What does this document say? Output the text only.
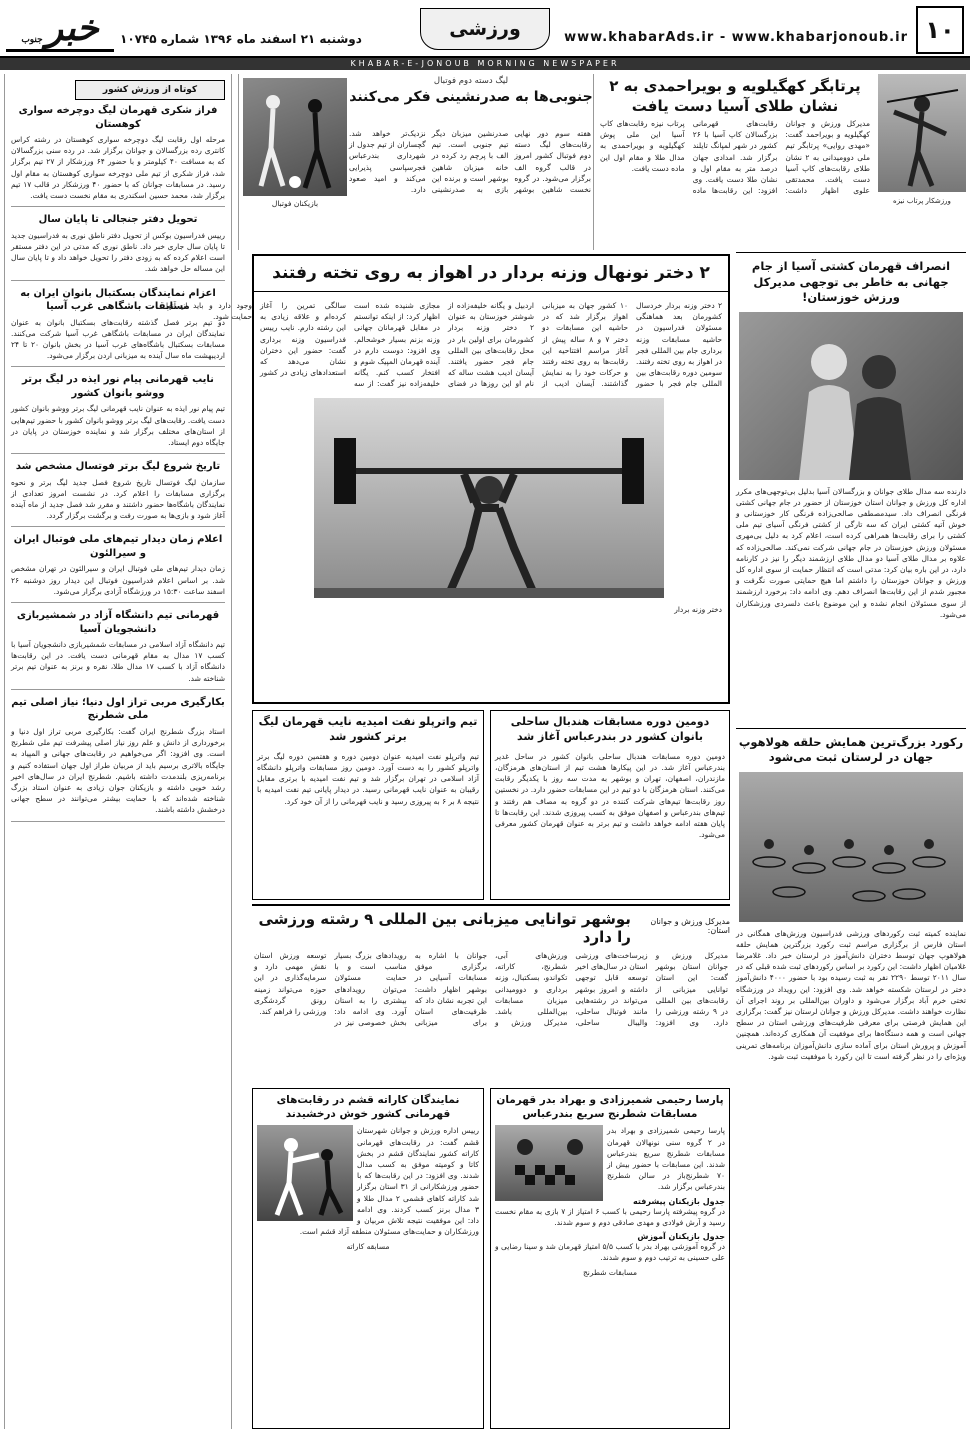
۱۰
www.khabarAds.ir - www.khabarjonoub.ir
ورزشی
دوشنبه ۲۱ اسفند ماه ۱۳۹۶ شماره ۱۰۷۴۵
خبر
جنوب
KHABAR-E-JONOUB MORNING NEWSPAPER
کوتاه از ورزش کشور
فراز شکری قهرمان لیگ دوچرخه سواری کوهستان
مرحله اول رقابت لیگ دوچرخه سواری کوهستان در رشته کراس کانتری رده بزرگسالان و جوانان برگزار شد. در رده سنی بزرگسالان که به مسافت ۴۰ کیلومتر و با حضور ۶۴ ورزشکار از ۲۷ تیم برگزار شد، فراز شکری از تیم ملی دوچرخه سواری کوهستان به مقام اول رسید. در مسابقات جوانان که با حضور ۴۰ ورزشکار در قالب ۱۷ تیم برگزار شد، محمد حسین اسکندری به مقام نخست دست یافت.
تحویل دفتر جنجالی تا پایان سال
رییس فدراسیون بوکس از تحویل دفتر ناطق نوری به فدراسیون جدید تا پایان سال جاری خبر داد. ناطق نوری که مدتی در این دفتر مستقر است اعلام کرده که به زودی دفتر را تحویل خواهد داد و تا پایان سال این مساله حل خواهد شد.
اعزام نمایندگان بسکتبال بانوان ایران به مسابقات باشگاهی غرب آسیا
دو تیم برتر فصل گذشته رقابت‌های بسکتبال بانوان به عنوان نمایندگان ایران در مسابقات باشگاهی غرب آسیا شرکت می‌کنند. مسابقات بسکتبال باشگاه‌های غرب آسیا در بخش بانوان ۲۰ تا ۲۴ اردیبهشت ماه سال آینده به میزبانی اردن برگزار می‌شود.
نایب قهرمانی پیام نور ایذه در لیگ برتر ووشو بانوان کشور
تیم پیام نور ایذه به عنوان نایب قهرمانی لیگ برتر ووشو بانوان کشور دست یافت. رقابت‌های لیگ برتر ووشو بانوان کشور با حضور تیم‌هایی از استان‌های مختلف برگزار شد و نماینده خوزستان در پایان در جایگاه دوم ایستاد.
تاریخ شروع لیگ برتر فوتسال مشخص شد
سازمان لیگ فوتسال تاریخ شروع فصل جدید لیگ برتر و نحوه برگزاری مسابقات را اعلام کرد. در نشست امروز تعدادی از نمایندگان باشگاه‌ها حضور داشتند و مقرر شد فصل جدید از ماه آینده آغاز شود و بازی‌ها به صورت رفت و برگشت برگزار گردد.
اعلام زمان دیدار تیم‌های ملی فوتبال ایران و سیرالئون
زمان دیدار تیم‌های ملی فوتبال ایران و سیرالئون در تهران مشخص شد. بر اساس اعلام فدراسیون فوتبال این دیدار روز دوشنبه ۲۶ اسفند ساعت ۱۵:۳۰ در ورزشگاه آزادی برگزار می‌شود.
قهرمانی تیم دانشگاه آزاد در شمشیربازی دانشجویان آسیا
تیم دانشگاه آزاد اسلامی در مسابقات شمشیربازی دانشجویان آسیا با کسب ۱۷ مدال به مقام قهرمانی دست یافت. در این رقابت‌ها دانشگاه آزاد با کسب ۱۷ مدال طلا، نقره و برنز به عنوان تیم برتر شناخته شد.
بکارگیری مربی تراز اول دنیا؛ نیاز اصلی تیم ملی شطرنج
استاد بزرگ شطرنج ایران گفت: بکارگیری مربی تراز اول دنیا و برخورداری از دانش و علم روز نیاز اصلی پیشرفت تیم ملی شطرنج است. وی افزود: اگر می‌خواهیم در رقابت‌های جهانی و المپیاد به جایگاه بالاتری برسیم باید از مربیان طراز اول جهان استفاده کنیم و برنامه‌ریزی بلندمدت داشته باشیم. شطرنج ایران در سال‌های اخیر رشد خوبی داشته و بازیکنان جوان زیادی به عنوان استاد بزرگ شناخته شده‌اند که با حمایت بیشتر می‌توانند در سطح جهانی درخشش داشته باشند.
پرتابگر کهگیلویه و بویراحمدی به ۲ نشان طلای آسیا دست یافت
مدیرکل ورزش و جوانان کهگیلویه و بویراحمد گفت: «مهدی روایی» پرتابگر تیم ملی دوومیدانی به ۲ نشان طلای رقابت‌های کاپ آسیا دست یافت. محمدتقی علوی اظهار داشت: رقابت‌های قهرمانی بزرگسالان کاپ آسیا با ۲۶ کشور در شهر لمپانگ تایلند برگزار شد. امدادی جهان درصد متر به مقام اول و نشان طلا دست یافت. وی افزود: این رقابت‌ها ماده پرتاب نیزه رقابت‌های کاپ آسیا این ملی پوش کهگیلویه و بویراحمدی به مدال طلا و مقام اول این ماده دست یافت.
ورزشکار پرتاب نیزه
لیگ دسته دوم فوتبال
جنوبی‌ها به صدرنشینی فکر می‌کنند
هفته سوم دور نهایی رقابت‌های لیگ دسته دوم فوتبال کشور امروز در قالب گروه الف برگزار می‌شود. در گروه نخست شاهین بوشهر صدرنشین میزبان دیگر تیم جنوبی است. تیم الف با پرچم رد کرده در خانه میزبان شاهین بوشهر است و برنده این بازی به صدرنشینی نزدیک‌تر خواهد شد. گچساران از تیم جدول از شهرداری بندرعباس فجرسپاسی پذیرایی می‌کند و امید صعود دارد.
بازیکنان فوتبال
انصراف قهرمان کشتی آسیا از جام جهانی به خاطر بی توجهی مدیرکل ورزش خوزستان!
دارنده سه مدال طلای جوانان و بزرگسالان آسیا بدلیل بی‌توجهی‌های مکرر اداره کل ورزش و جوانان استان خوزستان از حضور در جام جهانی کشتی فرنگی انصراف داد. سیدمصطفی صالحی‌زاده فرنگی کار خوزستانی و خوش آتیه کشتی ایران که سه تارگی از کشتی فرنگی آسیای تیم ملی کشتی را برای رقابت‌ها همراهی کرده است، اعلام کرد به دلیل بی‌مهری مسئولان ورزش خوزستان در جام جهانی شرکت نمی‌کند. صالحی‌زاده که علاوه بر مدال طلای آسیا دو مدال طلای ارزشمند دیگر را نیز در کارنامه دارد، در این باره بیان کرد: مدتی است که انتظار حمایت از سوی اداره کل ورزش و جوانان خوزستان را داشتم اما هیچ حمایتی صورت نگرفت و مجبور شدم از این رقابت‌ها انصراف دهم. وی ادامه داد: برخورد ارزشمند از سوی مسئولان انجام نشده و این موضوع باعث دلسردی ورزشکاران می‌شود.
رکورد بزرگ‌ترین همایش حلقه هولاهوپ جهان در لرستان ثبت می‌شود
نماینده کمیته ثبت رکوردهای ورزشی فدراسیون ورزش‌های همگانی در استان فارس از برگزاری مراسم ثبت رکورد بزرگترین همایش حلقه هولاهوپ جهان توسط دختران دانش‌آموز در لرستان خبر داد. غلامرضا غلامیان اظهار داشت: این رکورد بر اساس رکوردهای ثبت شده قبلی که در سال ۲۰۱۱ توسط ۲۲۹۰ نفر به ثبت رسیده بود با حضور ۴۰۰۰ دانش‌آموز دختر در لرستان شکسته خواهد شد. وی افزود: این رویداد در ورزشگاه تختی خرم آباد برگزار می‌شود و داوران بین‌المللی بر روند اجرای آن نظارت خواهند داشت. مدیرکل ورزش و جوانان لرستان نیز گفت: برگزاری این همایش فرصتی برای معرفی ظرفیت‌های ورزشی استان در سطح جهانی است و همه دستگاه‌ها برای موفقیت آن همکاری کرده‌اند. همچنین آموزش و پرورش استان برای آماده سازی دانش‌آموزان برنامه‌های تمرینی ویژه‌ای را در نظر گرفته است تا این رکورد با موفقیت ثبت شود.
۲ دختر نونهال وزنه بردار در اهواز به روی تخته رفتند
۲ دختر وزنه بردار خردسال کشورمان بعد هماهنگی مسئولان فدراسیون در حاشیه مسابقات وزنه برداری جام بین المللی فجر در اهواز به روی تخته رفتند. سومین دوره رقابت‌های بین المللی جام فجر با حضور ۱۰ کشور جهان به میزبانی اهواز برگزار شد که در حاشیه این مسابقات دو دختر ۷ و ۸ ساله پیش از آغاز مراسم افتتاحیه این رقابت‌ها به روی تخته رفتند و حرکات خود را به نمایش گذاشتند. آیسان ادیب از اردبیل و یگانه خلیفه‌زاده از شوشتر خوزستان به عنوان ۲ دختر وزنه بردار کشورمان برای اولین بار در محل رقابت‌های بین المللی جام فجر حضور یافتند. آیسان ادیب هشت ساله که نام او این روزها در فضای مجازی شنیده شده است اظهار کرد: از اینکه توانستم در مقابل قهرمانان جهانی وزنه بزنم بسیار خوشحالم. وی افزود: دوست دارم در آینده قهرمان المپیک شوم و افتخار کسب کنم. یگانه خلیفه‌زاده نیز گفت: از سه سالگی تمرین را آغاز کرده‌ام و علاقه زیادی به این رشته دارم. نایب رییس فدراسیون وزنه برداری گفت: حضور این دختران نشان می‌دهد که استعدادهای زیادی در کشور وجود دارد و باید از آنها حمایت شود.
دختر وزنه بردار
دومین دوره مسابقات هندبال ساحلی بانوان کشور در بندرعباس آغاز شد
دومین دوره مسابقات هندبال ساحلی بانوان کشور در ساحل غدیر بندرعباس آغاز شد. در این پیکارها هشت تیم از استان‌های هرمزگان، مازندران، اصفهان، تهران و بوشهر به مدت سه روز با یکدیگر رقابت می‌کنند. استان هرمزگان با دو تیم در این مسابقات حضور دارد. در نخستین روز رقابت‌ها تیم‌های شرکت کننده در دو گروه به مصاف هم رفتند و تیم‌های بندرعباس و اصفهان موفق به کسب پیروزی شدند. این رقابت‌ها تا پایان هفته ادامه خواهد داشت و تیم برتر به عنوان قهرمان کشور معرفی می‌شود.
تیم واترپلو نفت امیدیه نایب قهرمان لیگ برتر کشور شد
تیم واترپلو نفت امیدیه عنوان دومین دوره و هفتمین دوره لیگ برتر واترپلو کشور را به دست آورد. دومین روز مسابقات واترپلو دانشگاه آزاد اسلامی در تهران برگزار شد و تیم نفت امیدیه با برتری مقابل رقیبان به عنوان نایب قهرمانی رسید. در دیدار پایانی تیم نفت امیدیه با نتیجه ۸ بر ۶ به پیروزی رسید و نایب قهرمانی را از آن خود کرد.
مدیرکل ورزش و جوانان استان:
بوشهر توانایی میزبانی بین المللی ۹ رشته ورزشی را دارد
مدیرکل ورزش و جوانان استان بوشهر گفت: این استان توانایی میزبانی از رقابت‌های بین المللی در ۹ رشته ورزشی را دارد. وی افزود: زیرساخت‌های ورزشی استان در سال‌های اخیر توسعه قابل توجهی داشته و امروز بوشهر می‌تواند در رشته‌هایی مانند فوتبال ساحلی، والیبال ساحلی، ورزش‌های آبی، شطرنج، کاراته، تکواندو، بسکتبال، وزنه برداری و دوومیدانی میزبان مسابقات بین‌المللی باشد. مدیرکل ورزش و جوانان با اشاره به برگزاری موفق مسابقات آسیایی در بوشهر اظهار داشت: این تجربه نشان داد که ظرفیت‌های استان برای میزبانی رویدادهای بزرگ بسیار مناسب است و با حمایت مسئولان می‌توان رویدادهای بیشتری را به استان آورد. وی ادامه داد: بخش خصوصی نیز در توسعه ورزش استان نقش مهمی دارد و سرمایه‌گذاری در این حوزه می‌تواند زمینه رونق گردشگری ورزشی را فراهم کند.
پارسا رحیمی شمیرزادی و بهراد بدر قهرمان مسابقات شطرنج سریع بندرعباس
پارسا رحیمی شمیرزادی و بهراد بدر در ۲ گروه سنی نونهالان قهرمان مسابقات شطرنج سریع بندرعباس شدند. این مسابقات با حضور بیش از ۷۰ شطرنج‌باز در سالن شطرنج بندرعباس برگزار شد.
جدول بازیکنان پیشرفته
در گروه پیشرفته پارسا رحیمی با کسب ۶ امتیاز از ۷ بازی به مقام نخست رسید و آرش فولادی و مهدی صادقی دوم و سوم شدند.
جدول بازیکنان آموزش
در گروه آموزشی بهراد بدر با کسب ۵/۵ امتیاز قهرمان شد و سینا رضایی و علی حسینی به ترتیب دوم و سوم شدند.
مسابقات شطرنج
نمایندگان کاراته قشم در رقابت‌های قهرمانی کشور خوش درخشیدند
رییس اداره ورزش و جوانان شهرستان قشم گفت: در رقابت‌های قهرمانی کاراته کشور نمایندگان قشم در بخش کاتا و کومیته موفق به کسب مدال شدند. وی افزود: در این رقابت‌ها که با حضور ورزشکارانی از ۳۱ استان برگزار شد کاراته کاهای قشمی ۲ مدال طلا و ۳ مدال برنز کسب کردند. وی ادامه داد: این موفقیت نتیجه تلاش مربیان و ورزشکاران و حمایت‌های مسئولان منطقه آزاد قشم است.
مسابقه کاراته
